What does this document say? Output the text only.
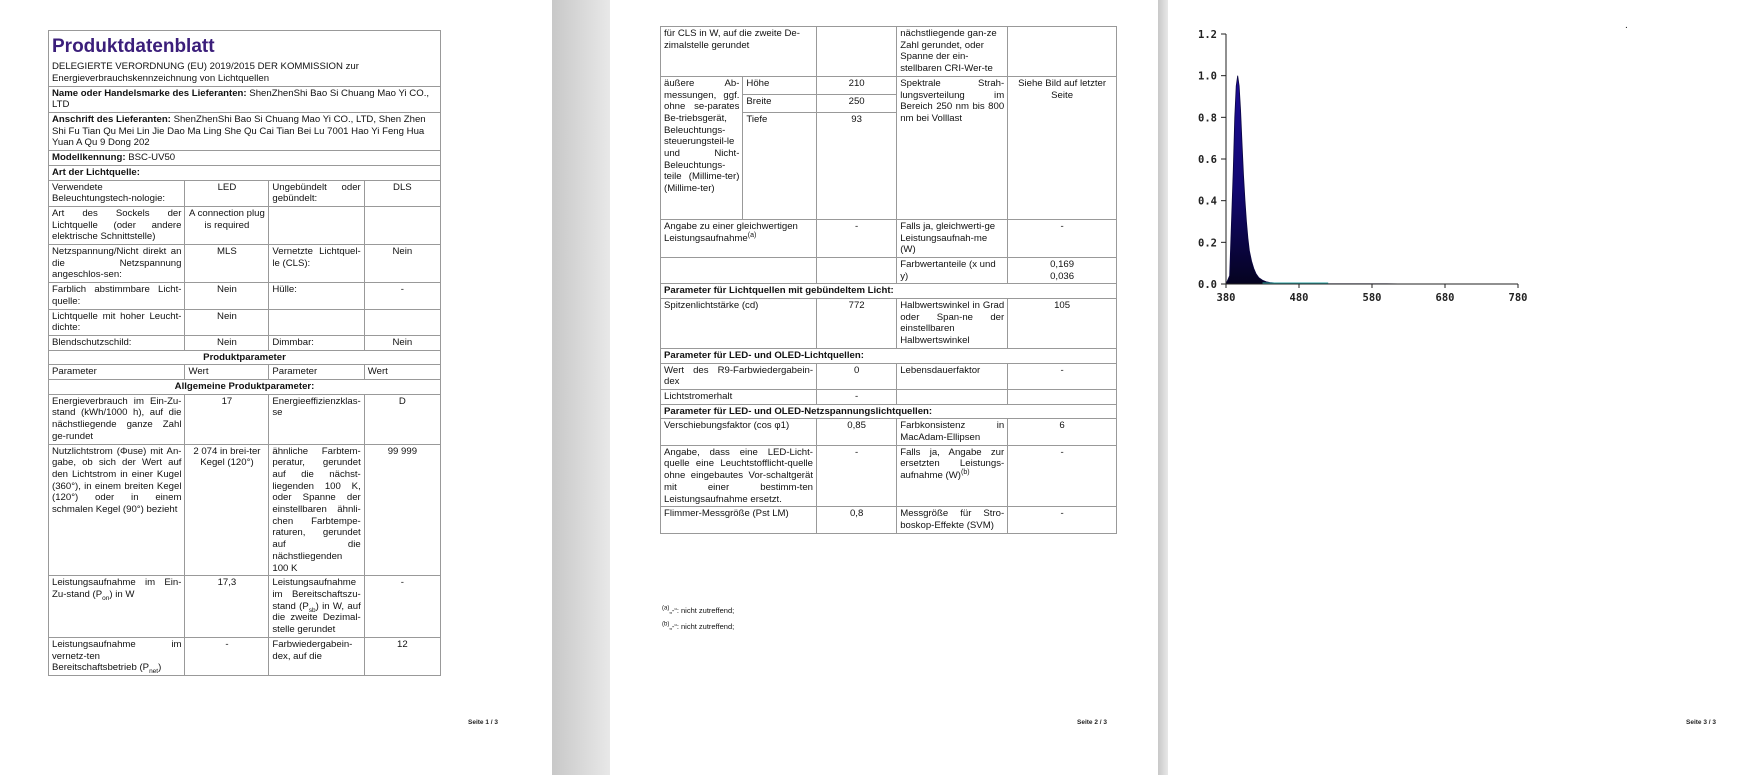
Produktdatenblatt			
DELEGIERTE VERORDNUNG (EU) 2019/2015 DER KOMMISSION zur Energieverbrauchskennzeichnung von Lichtquellen			
Name oder Handelsmarke des Lieferanten: ShenZhenShi Bao Si Chuang Mao Yi CO., LTD			
Anschrift des Lieferanten: ShenZhenShi Bao Si Chuang Mao Yi CO., LTD, Shen Zhen Shi Fu Tian Qu Mei Lin Jie Dao Ma Ling She Qu Cai Tian Bei Lu 7001 Hao Yi Feng Hua Yuan A Qu 9 Dong 202			
Modellkennung: BSC-UV50			
Art der Lichtquelle:			
Verwendete Beleuchtungstech-nologie:	LED	Ungebündelt oder gebündelt:	DLS
Art des Sockels der Lichtquelle (oder andere elektrische Schnittstelle)	A connection plug is required		
Netzspannung/Nicht direkt an die Netzspannung angeschlos-sen:	MLS	Vernetzte Lichtquel-le (CLS):	Nein
Farblich abstimmbare Licht-quelle:	Nein	Hülle:	-
Lichtquelle mit hoher Leucht-dichte:	Nein		
Blendschutzschild:	Nein	Dimmbar:	Nein
Produktparameter			
Parameter	Wert	Parameter	Wert
Allgemeine Produktparameter:			
Energieverbrauch im Ein-Zu-stand (kWh/1000 h), auf die nächstliegende ganze Zahl ge-rundet	17	Energieeffizienzklas-se	D
Nutzlichtstrom (Φuse) mit An-gabe, ob sich der Wert auf den Lichtstrom in einer Kugel (360°), in einem breiten Kegel (120°) oder in einem schmalen Kegel (90°) bezieht	2 074 in brei-ter Kegel (120°)	ähnliche Farbtem-peratur, gerundet auf die nächst-liegenden 100 K, oder Spanne der einstellbaren ähnli-chen Farbtempe-raturen, gerundet auf die nächstliegenden 100 K	99 999
Leistungsaufnahme im Ein-Zu-stand $(P_{on})$ in W	17,3	Leistungsaufnahme im Bereitschaftszu-stand $(P_{sb})$ in W, auf die zweite Dezimal-stelle gerundet	-
Leistungsaufnahme im vernetz-ten Bereitschaftsbetrieb $(P_{net})$	-	Farbwiedergabein-dex, auf die	12
Seite 1 / 3
für CLS in W, auf die zweite De-zimalstelle gerundet			nächstliegende gan-ze Zahl gerundet, oder Spanne der ein-stellbaren CRI-Wer-te	
äußere Ab-messungen, ggf. ohne se-parates Be-triebsgerät, Beleuchtungs-steuerungsteil-le und Nicht-Beleuchtungs-teile (Millime-ter) (Millime-ter)	Höhe	210	Spektrale Strah-lungsverteilung im Bereich 250 nm bis 800 nm bei Volllast	Siehe Bild auf letzter Seite
	Breite	250		
	Tiefe	93		
Angabe zu einer gleichwertigen Leistungsaufnahme$^{(a)}$		-	Falls ja, gleichwerti-ge Leistungsaufnah-me (W)	-
			Farbwertanteile (x und y)	0,169
0,036

Parameter für Lichtquellen mit gebündeltem Licht:				
Spitzenlichtstärke (cd)		772	Halbwertswinkel in Grad oder Span-ne der einstellbaren Halbwertswinkel	105
Parameter für LED- und OLED-Lichtquellen:				
Wert des R9-Farbwiedergabein-dex		0	Lebensdauerfaktor	-
Lichtstromerhalt		-		
Parameter für LED- und OLED-Netzspannungslichtquellen:				
Verschiebungsfaktor (cos φ1)		0,85	Farbkonsistenz in MacAdam-Ellipsen	6
Angabe, dass eine LED-Licht-quelle eine Leuchtstofflicht-quelle ohne eingebautes Vor-schaltgerät mit einer bestimm-ten Leistungsaufnahme ersetzt.		-	Falls ja, Angabe zur ersetzten Leistungs-aufnahme $(W)^{(b)}$	-
Flimmer-Messgröße (Pst LM)		0,8	Messgröße für Stro-boskop-Effekte (SVM)	-
$^{(a)}$„-“: nicht zutreffend;
$^{(b)}$„-“: nicht zutreffend;
Seite 2 / 3
0.0
0.2
0.4
0.6
0.8
1.0
1.2
380	480	580	680	780
Seite 3 / 3
.
